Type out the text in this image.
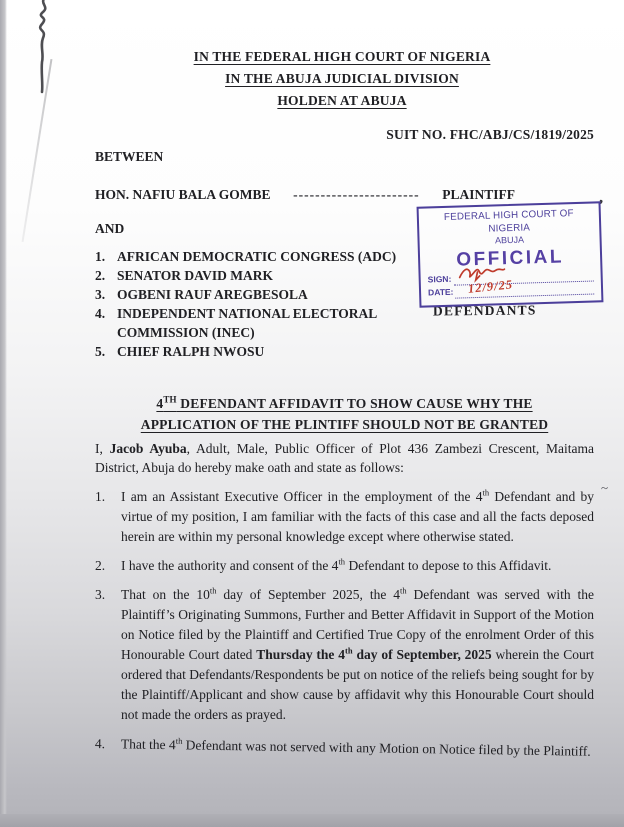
’
~
IN THE FEDERAL HIGH COURT OF NIGERIA
IN THE ABUJA JUDICIAL DIVISION
HOLDEN AT ABUJA
SUIT NO. FHC/ABJ/CS/1819/2025
BETWEEN
HON. NAFIU BALA GOMBE ----------------------- PLAINTIFF
AND
1. AFRICAN DEMOCRATIC CONGRESS (ADC)
2. SENATOR DAVID MARK
3. OGBENI RAUF AREGBESOLA
4. INDEPENDENT NATIONAL ELECTORAL COMMISSION (INEC)
5. CHIEF RALPH NWOSU
DEFENDANTS
FEDERAL HIGH COURT OF NIGERIA
ABUJA
OFFICIAL
SIGN:
DATE: 12/9/25
4TH DEFENDANT AFFIDAVIT TO SHOW CAUSE WHY THE
APPLICATION OF THE PLINTIFF SHOULD NOT BE GRANTED
I, Jacob Ayuba, Adult, Male, Public Officer of Plot 436 Zambezi Crescent, Maitama District, Abuja do hereby make oath and state as follows:
1.	I am an Assistant Executive Officer in the employment of the 4th Defendant and by virtue of my position, I am familiar with the facts of this case and all the facts deposed herein are within my personal knowledge except where otherwise stated.
2.	I have the authority and consent of the 4th Defendant to depose to this Affidavit.
3.	That on the 10th day of September 2025, the 4th Defendant was served with the Plaintiff’s Originating Summons, Further and Better Affidavit in Support of the Motion on Notice filed by the Plaintiff and Certified True Copy of the enrolment Order of this Honourable Court dated Thursday the 4th day of September, 2025 wherein the Court ordered that Defendants/Respondents be put on notice of the reliefs being sought for by the Plaintiff/Applicant and show cause by affidavit why this Honourable Court should not made the orders as prayed.
4.	That the 4th Defendant was not served with any Motion on Notice filed by the Plaintiff.
